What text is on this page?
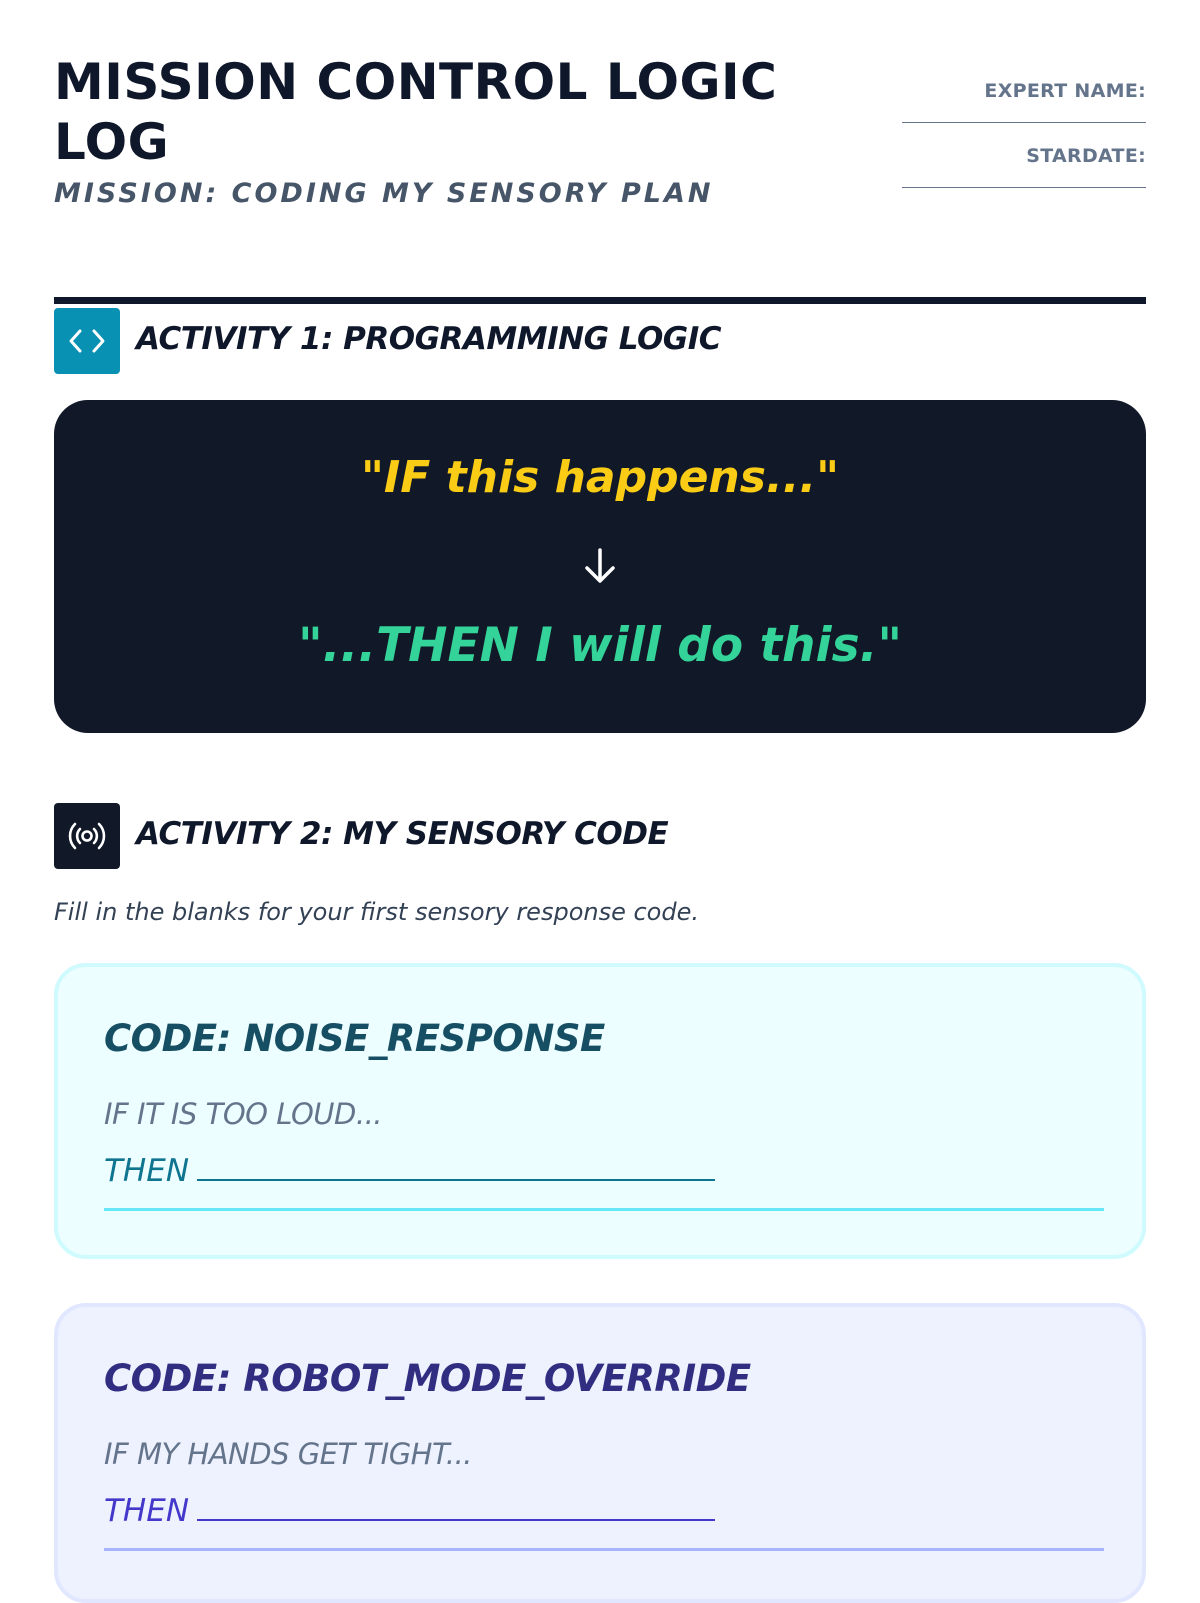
MISSION CONTROL LOGIC LOG
MISSION: CODING MY SENSORY PLAN
EXPERT NAME:
STARDATE:
ACTIVITY 1: PROGRAMMING LOGIC
"IF this happens..."
"...THEN I will do this."
ACTIVITY 2: MY SENSORY CODE
Fill in the blanks for your first sensory response code.
CODE: NOISE_RESPONSE
IF IT IS TOO LOUD...
THEN
CODE: ROBOT_MODE_OVERRIDE
IF MY HANDS GET TIGHT...
THEN
